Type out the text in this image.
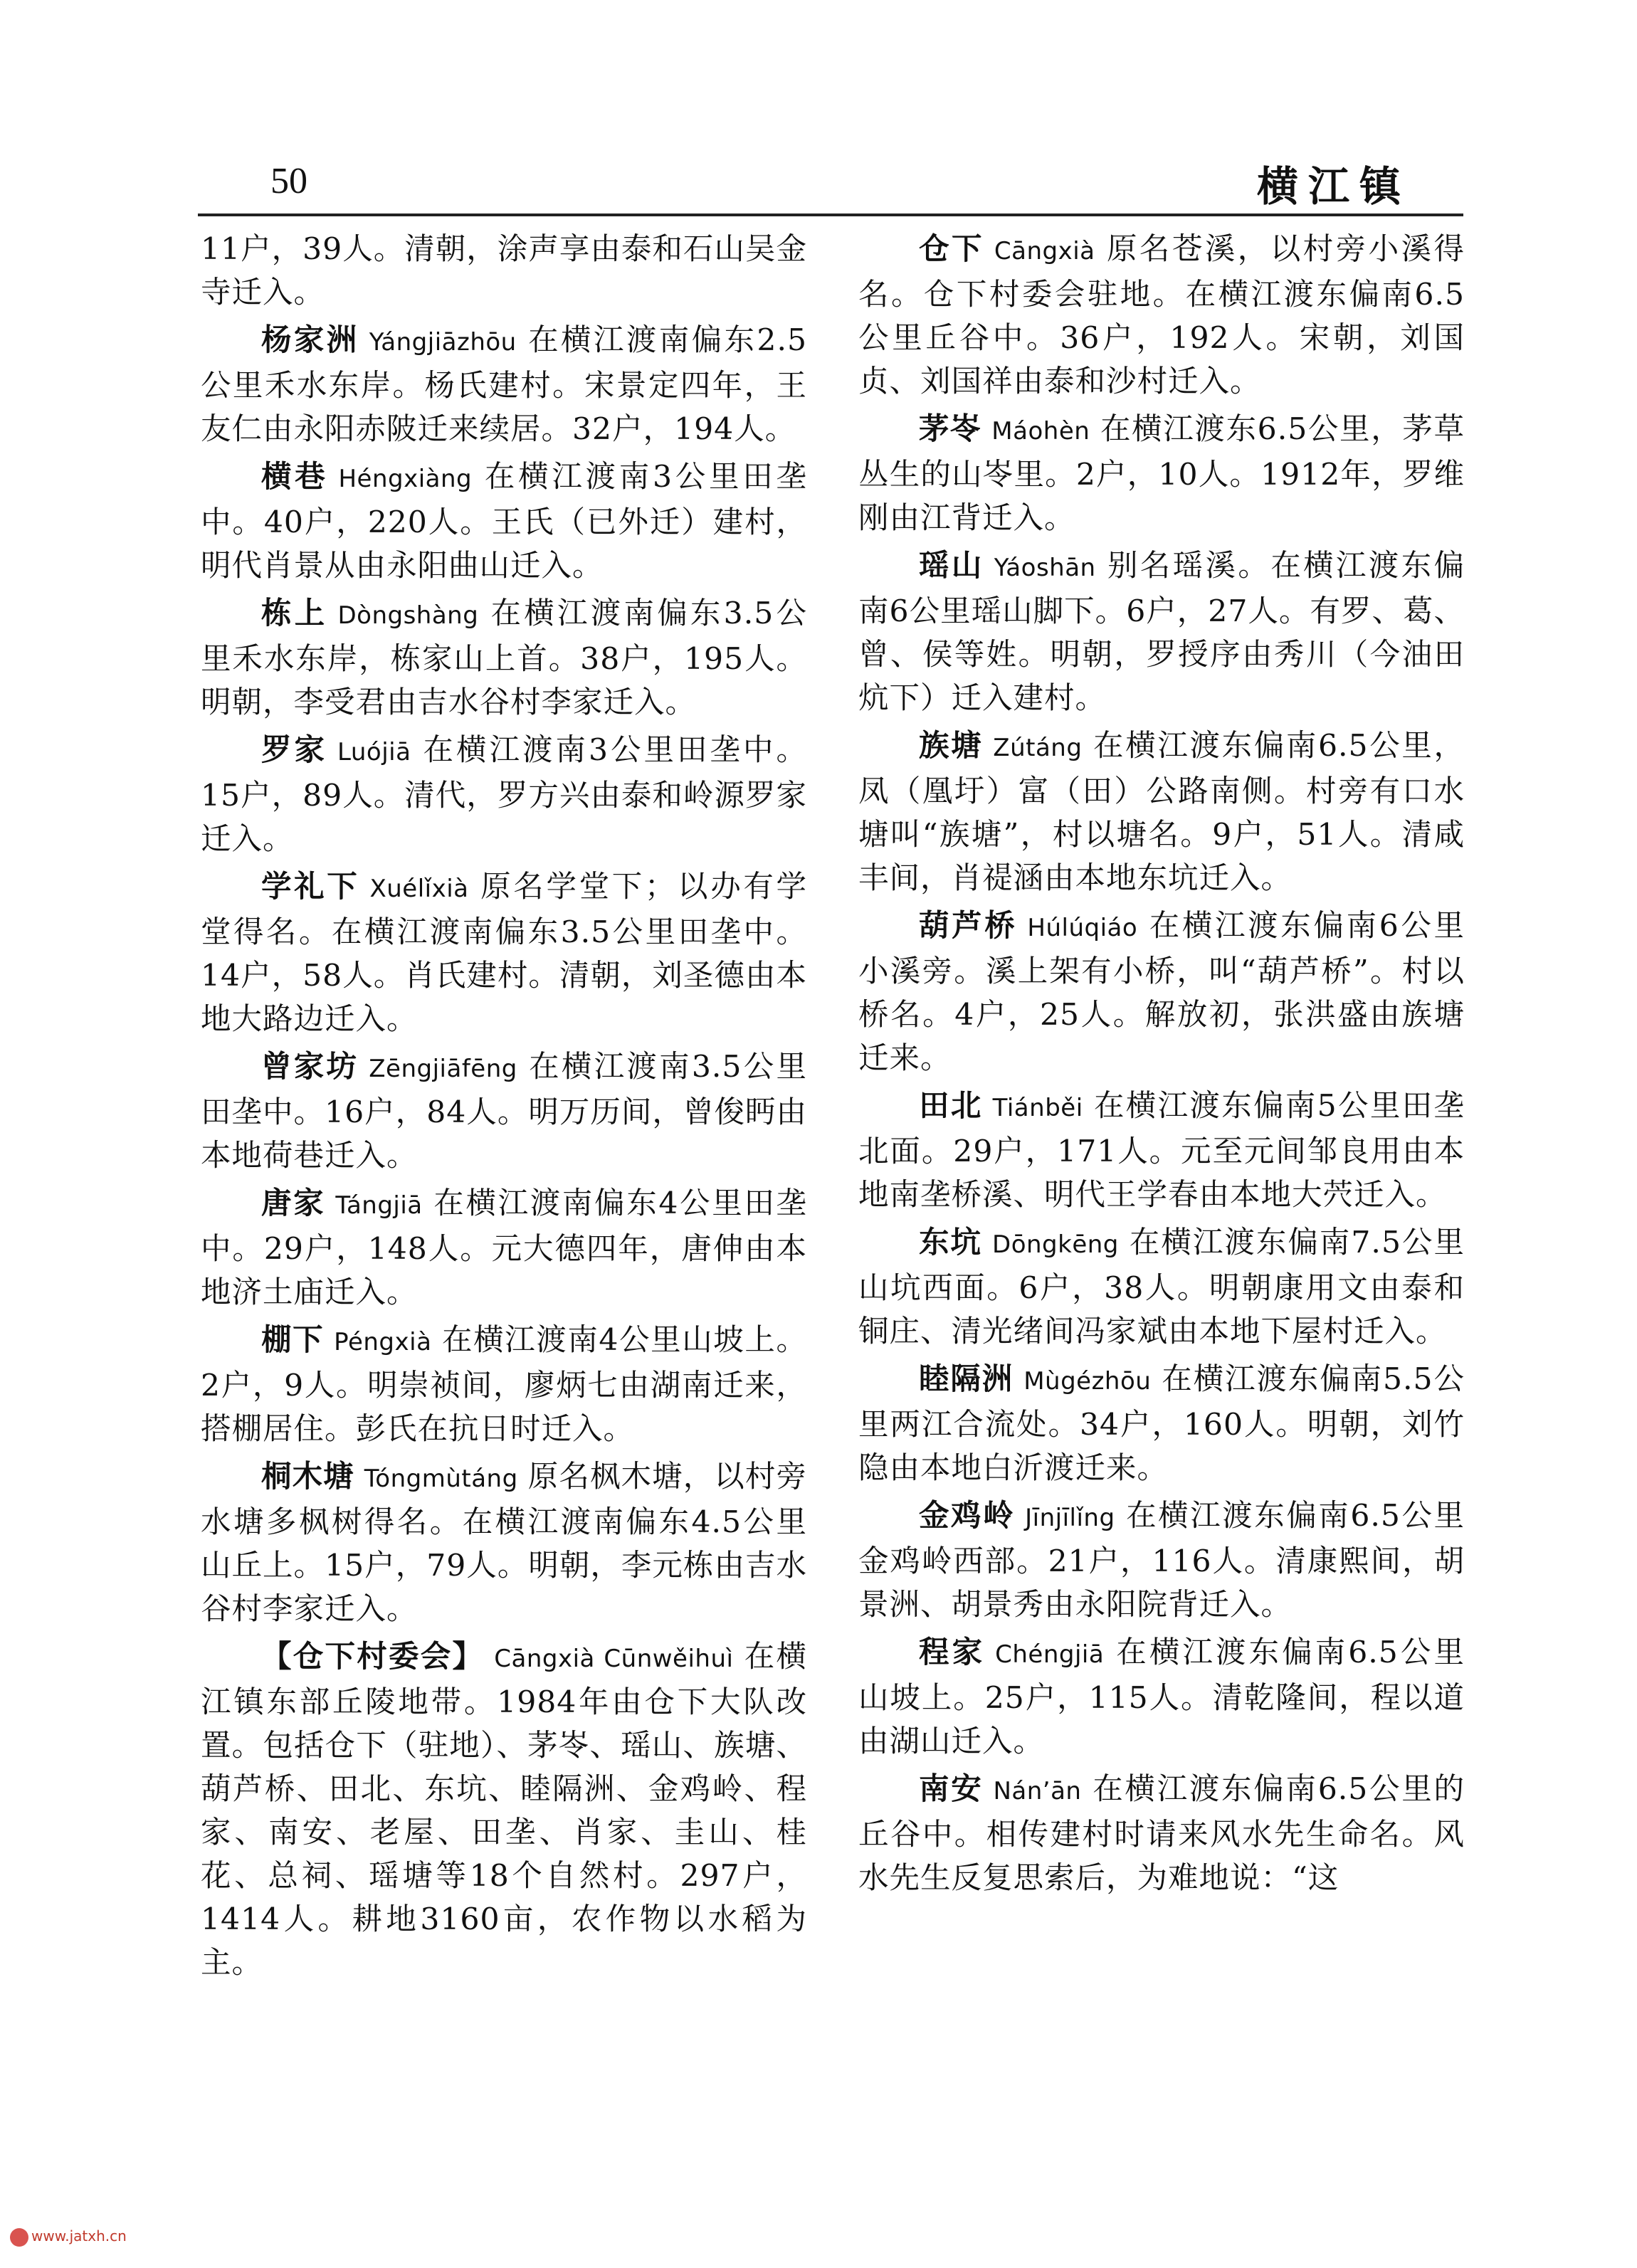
50	横江镇

11户，39人。清朝，涂声享由泰和石山吴金寺迁入。

杨家洲 Yángjiāzhōu 在横江渡南偏东2.5公里禾水东岸。杨氏建村。宋景定四年，王友仁由永阳赤陂迁来续居。32户，194人。

横巷 Héngxiàng 在横江渡南3公里田垄中。40户，220人。王氏（已外迁）建村，明代肖景从由永阳曲山迁入。

栋上 Dòngshàng 在横江渡南偏东3.5公里禾水东岸，栋家山上首。38户，195人。明朝，李受君由吉水谷村李家迁入。

罗家 Luójiā 在横江渡南3公里田垄中。15户，89人。清代，罗方兴由泰和岭源罗家迁入。

学礼下 Xuélǐxià 原名学堂下；以办有学堂得名。在横江渡南偏东3.5公里田垄中。14户，58人。肖氏建村。清朝，刘圣德由本地大路边迁入。

曾家坊 Zēngjiāfēng 在横江渡南3.5公里田垄中。16户，84人。明万历间，曾俊眄由本地荷巷迁入。

唐家 Tángjiā 在横江渡南偏东4公里田垄中。29户，148人。元大德四年，唐伸由本地济土庙迁入。

棚下 Péngxià 在横江渡南4公里山坡上。2户，9人。明崇祯间，廖炳七由湖南迁来，搭棚居住。彭氏在抗日时迁入。

桐木塘 Tóngmùtáng 原名枫木塘，以村旁水塘多枫树得名。在横江渡南偏东4.5公里山丘上。15户，79人。明朝，李元栋由吉水谷村李家迁入。

【仓下村委会】 Cāngxià Cūnwěihuì 在横江镇东部丘陵地带。1984年由仓下大队改置。包括仓下（驻地）、茅岺、瑶山、族塘、葫芦桥、田北、东坑、睦隔洲、金鸡岭、程家、南安、老屋、田垄、肖家、圭山、桂花、总祠、瑶塘等18个自然村。297户，1414人。耕地3160亩，农作物以水稻为主。

仓下 Cāngxià 原名苍溪，以村旁小溪得名。仓下村委会驻地。在横江渡东偏南6.5公里丘谷中。36户，192人。宋朝，刘国贞、刘国祥由泰和沙村迁入。

茅岺 Máohèn 在横江渡东6.5公里，茅草丛生的山岺里。2户，10人。1912年，罗维刚由江背迁入。

瑶山 Yáoshān 别名瑶溪。在横江渡东偏南6公里瑶山脚下。6户，27人。有罗、葛、曾、侯等姓。明朝，罗授序由秀川（今油田炕下）迁入建村。

族塘 Zútáng 在横江渡东偏南6.5公里，凤（凰圩）富（田）公路南侧。村旁有口水塘叫“族塘”，村以塘名。9户，51人。清咸丰间，肖禔涵由本地东坑迁入。

葫芦桥 Húlúqiáo 在横江渡东偏南6公里小溪旁。溪上架有小桥，叫“葫芦桥”。村以桥名。4户，25人。解放初，张洪盛由族塘迁来。

田北 Tiánběi 在横江渡东偏南5公里田垄北面。29户，171人。元至元间邹良用由本地南垄桥溪、明代王学春由本地大茓迁入。

东坑 Dōngkēng 在横江渡东偏南7.5公里山坑西面。6户，38人。明朝康用文由泰和铜庄、清光绪间冯家斌由本地下屋村迁入。

睦隔洲 Mùgézhōu 在横江渡东偏南5.5公里两江合流处。34户，160人。明朝，刘竹隐由本地白沂渡迁来。

金鸡岭 Jīnjīlǐng 在横江渡东偏南6.5公里金鸡岭西部。21户，116人。清康熙间，胡景洲、胡景秀由永阳院背迁入。

程家 Chéngjiā 在横江渡东偏南6.5公里山坡上。25户，115人。清乾隆间，程以道由湖山迁入。

南安 Nán’ān 在横江渡东偏南6.5公里的丘谷中。相传建村时请来风水先生命名。风水先生反复思索后，为难地说：“这

www.jatxh.cn
